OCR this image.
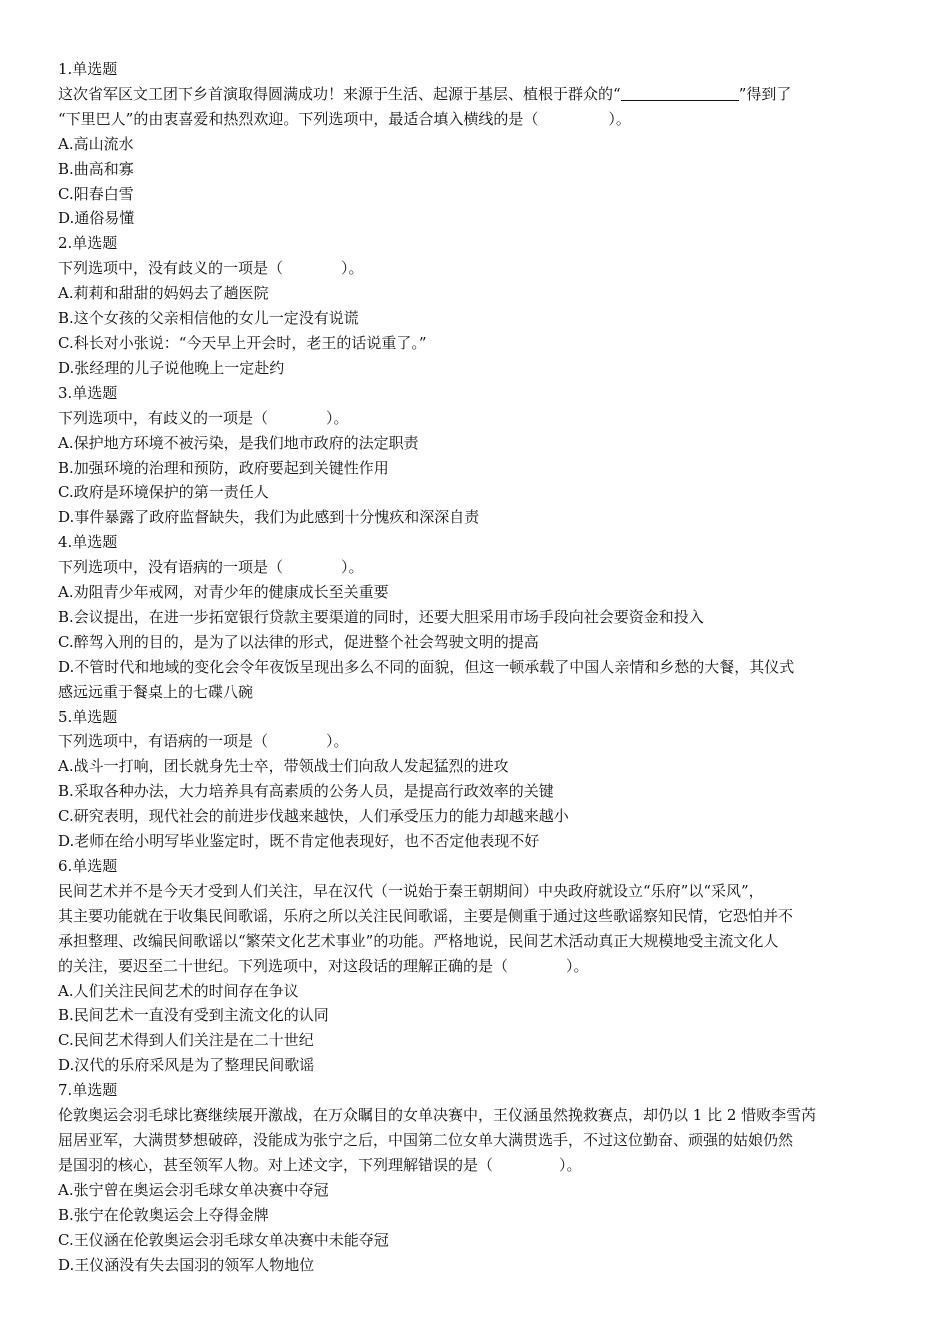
1.单选题
这次省军区文工团下乡首演取得圆满成功！来源于生活、起源于基层、植根于群众的“	”得到了
“下里巴人”的由衷喜爱和热烈欢迎。下列选项中，最适合填入横线的是（	）。
A.高山流水
B.曲高和寡
C.阳春白雪
D.通俗易懂
2.单选题
下列选项中，没有歧义的一项是（	）。
A.莉莉和甜甜的妈妈去了趟医院
B.这个女孩的父亲相信他的女儿一定没有说谎
C.科长对小张说：“今天早上开会时，老王的话说重了。”
D.张经理的儿子说他晚上一定赴约
3.单选题
下列选项中，有歧义的一项是（	）。
A.保护地方环境不被污染，是我们地市政府的法定职责
B.加强环境的治理和预防，政府要起到关键性作用
C.政府是环境保护的第一责任人
D.事件暴露了政府监督缺失，我们为此感到十分愧疚和深深自责
4.单选题
下列选项中，没有语病的一项是（	）。
A.劝阻青少年戒网，对青少年的健康成长至关重要
B.会议提出，在进一步拓宽银行贷款主要渠道的同时，还要大胆采用市场手段向社会要资金和投入
C.醉驾入刑的目的，是为了以法律的形式，促进整个社会驾驶文明的提高
D.不管时代和地域的变化会令年夜饭呈现出多么不同的面貌，但这一顿承载了中国人亲情和乡愁的大餐，其仪式
感远远重于餐桌上的七碟八碗
5.单选题
下列选项中，有语病的一项是（	）。
A.战斗一打响，团长就身先士卒，带领战士们向敌人发起猛烈的进攻
B.采取各种办法，大力培养具有高素质的公务人员，是提高行政效率的关键
C.研究表明，现代社会的前进步伐越来越快，人们承受压力的能力却越来越小
D.老师在给小明写毕业鉴定时，既不肯定他表现好，也不否定他表现不好
6.单选题
民间艺术并不是今天才受到人们关注，早在汉代（一说始于秦王朝期间）中央政府就设立“乐府”以“采风”，
其主要功能就在于收集民间歌谣，乐府之所以关注民间歌谣，主要是侧重于通过这些歌谣察知民情，它恐怕并不
承担整理、改编民间歌谣以“繁荣文化艺术事业”的功能。严格地说，民间艺术活动真正大规模地受主流文化人
的关注，要迟至二十世纪。下列选项中，对这段话的理解正确的是（	）。
A.人们关注民间艺术的时间存在争议
B.民间艺术一直没有受到主流文化的认同
C.民间艺术得到人们关注是在二十世纪
D.汉代的乐府采风是为了整理民间歌谣
7.单选题
伦敦奥运会羽毛球比赛继续展开激战，在万众瞩目的女单决赛中，王仪涵虽然挽救赛点，却仍以 1 比 2 惜败李雪芮
屈居亚军，大满贯梦想破碎，没能成为张宁之后，中国第二位女单大满贯选手，不过这位勤奋、顽强的姑娘仍然
是国羽的核心，甚至领军人物。对上述文字，下列理解错误的是（	）。
A.张宁曾在奥运会羽毛球女单决赛中夺冠
B.张宁在伦敦奥运会上夺得金牌
C.王仪涵在伦敦奥运会羽毛球女单决赛中未能夺冠
D.王仪涵没有失去国羽的领军人物地位
